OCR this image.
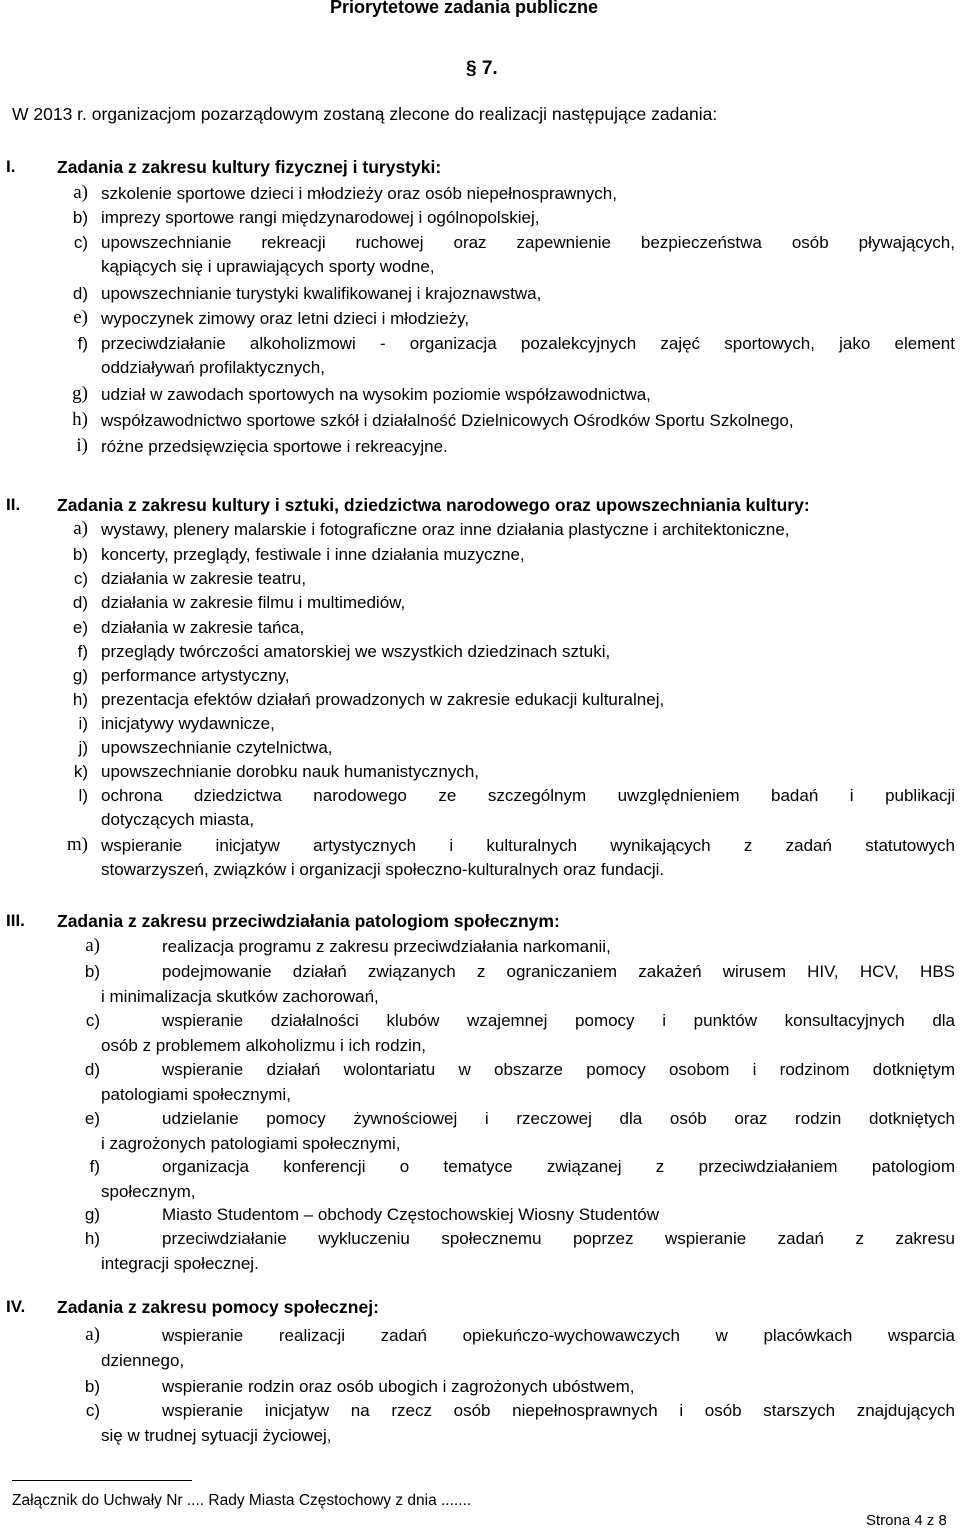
Priorytetowe zadania publiczne
§ 7.
W 2013 r. organizacjom pozarządowym zostaną zlecone do realizacji następujące zadania:
I. Zadania z zakresu kultury fizycznej i turystyki:
a) szkolenie sportowe dzieci i młodzieży oraz osób niepełnosprawnych,
b) imprezy sportowe rangi międzynarodowej i ogólnopolskiej,
c) upowszechnianie rekreacji ruchowej oraz zapewnienie bezpieczeństwa osób pływających,
kąpiących się i uprawiających sporty wodne,
d) upowszechnianie turystyki kwalifikowanej i krajoznawstwa,
e) wypoczynek zimowy oraz letni dzieci i młodzieży,
f) przeciwdziałanie alkoholizmowi - organizacja pozalekcyjnych zajęć sportowych, jako element
oddziaływań profilaktycznych,
g) udział w zawodach sportowych na wysokim poziomie współzawodnictwa,
h) współzawodnictwo sportowe szkół i działalność Dzielnicowych Ośrodków Sportu Szkolnego,
i) różne przedsięwzięcia sportowe i rekreacyjne.
II. Zadania z zakresu kultury i sztuki, dziedzictwa narodowego oraz upowszechniania kultury:
a) wystawy, plenery malarskie i fotograficzne oraz inne działania plastyczne i architektoniczne,
b) koncerty, przeglądy, festiwale i inne działania muzyczne,
c) działania w zakresie teatru,
d) działania w zakresie filmu i multimediów,
e) działania w zakresie tańca,
f) przeglądy twórczości amatorskiej we wszystkich dziedzinach sztuki,
g) performance artystyczny,
h) prezentacja efektów działań prowadzonych w zakresie edukacji kulturalnej,
i) inicjatywy wydawnicze,
j) upowszechnianie czytelnictwa,
k) upowszechnianie dorobku nauk humanistycznych,
l) ochrona dziedzictwa narodowego ze szczególnym uwzględnieniem badań i publikacji
dotyczących miasta,
m) wspieranie inicjatyw artystycznych i kulturalnych wynikających z zadań statutowych
stowarzyszeń, związków i organizacji społeczno-kulturalnych oraz fundacji.
III. Zadania z zakresu przeciwdziałania patologiom społecznym:
a)	realizacja programu z zakresu przeciwdziałania narkomanii,
b)	podejmowanie działań związanych z ograniczaniem zakażeń wirusem HIV, HCV, HBS
i minimalizacja skutków zachorowań,
c)	wspieranie działalności klubów wzajemnej pomocy i punktów konsultacyjnych dla
osób z problemem alkoholizmu i ich rodzin,
d)	wspieranie działań wolontariatu w obszarze pomocy osobom i rodzinom dotkniętym
patologiami społecznymi,
e)	udzielanie pomocy żywnościowej i rzeczowej dla osób oraz rodzin dotkniętych
i zagrożonych patologiami społecznymi,
f)	organizacja konferencji o tematyce związanej z przeciwdziałaniem patologiom
społecznym,
g)	Miasto Studentom – obchody Częstochowskiej Wiosny Studentów
h)	przeciwdziałanie wykluczeniu społecznemu poprzez wspieranie zadań z zakresu
integracji społecznej.
IV. Zadania z zakresu pomocy społecznej:
a)	wspieranie realizacji zadań opiekuńczo-wychowawczych w placówkach wsparcia
dziennego,
b)	wspieranie rodzin oraz osób ubogich i zagrożonych ubóstwem,
c)	wspieranie inicjatyw na rzecz osób niepełnosprawnych i osób starszych znajdujących
się w trudnej sytuacji życiowej,
Załącznik do Uchwały Nr .... Rady Miasta Częstochowy z dnia .......
Strona 4 z 8
